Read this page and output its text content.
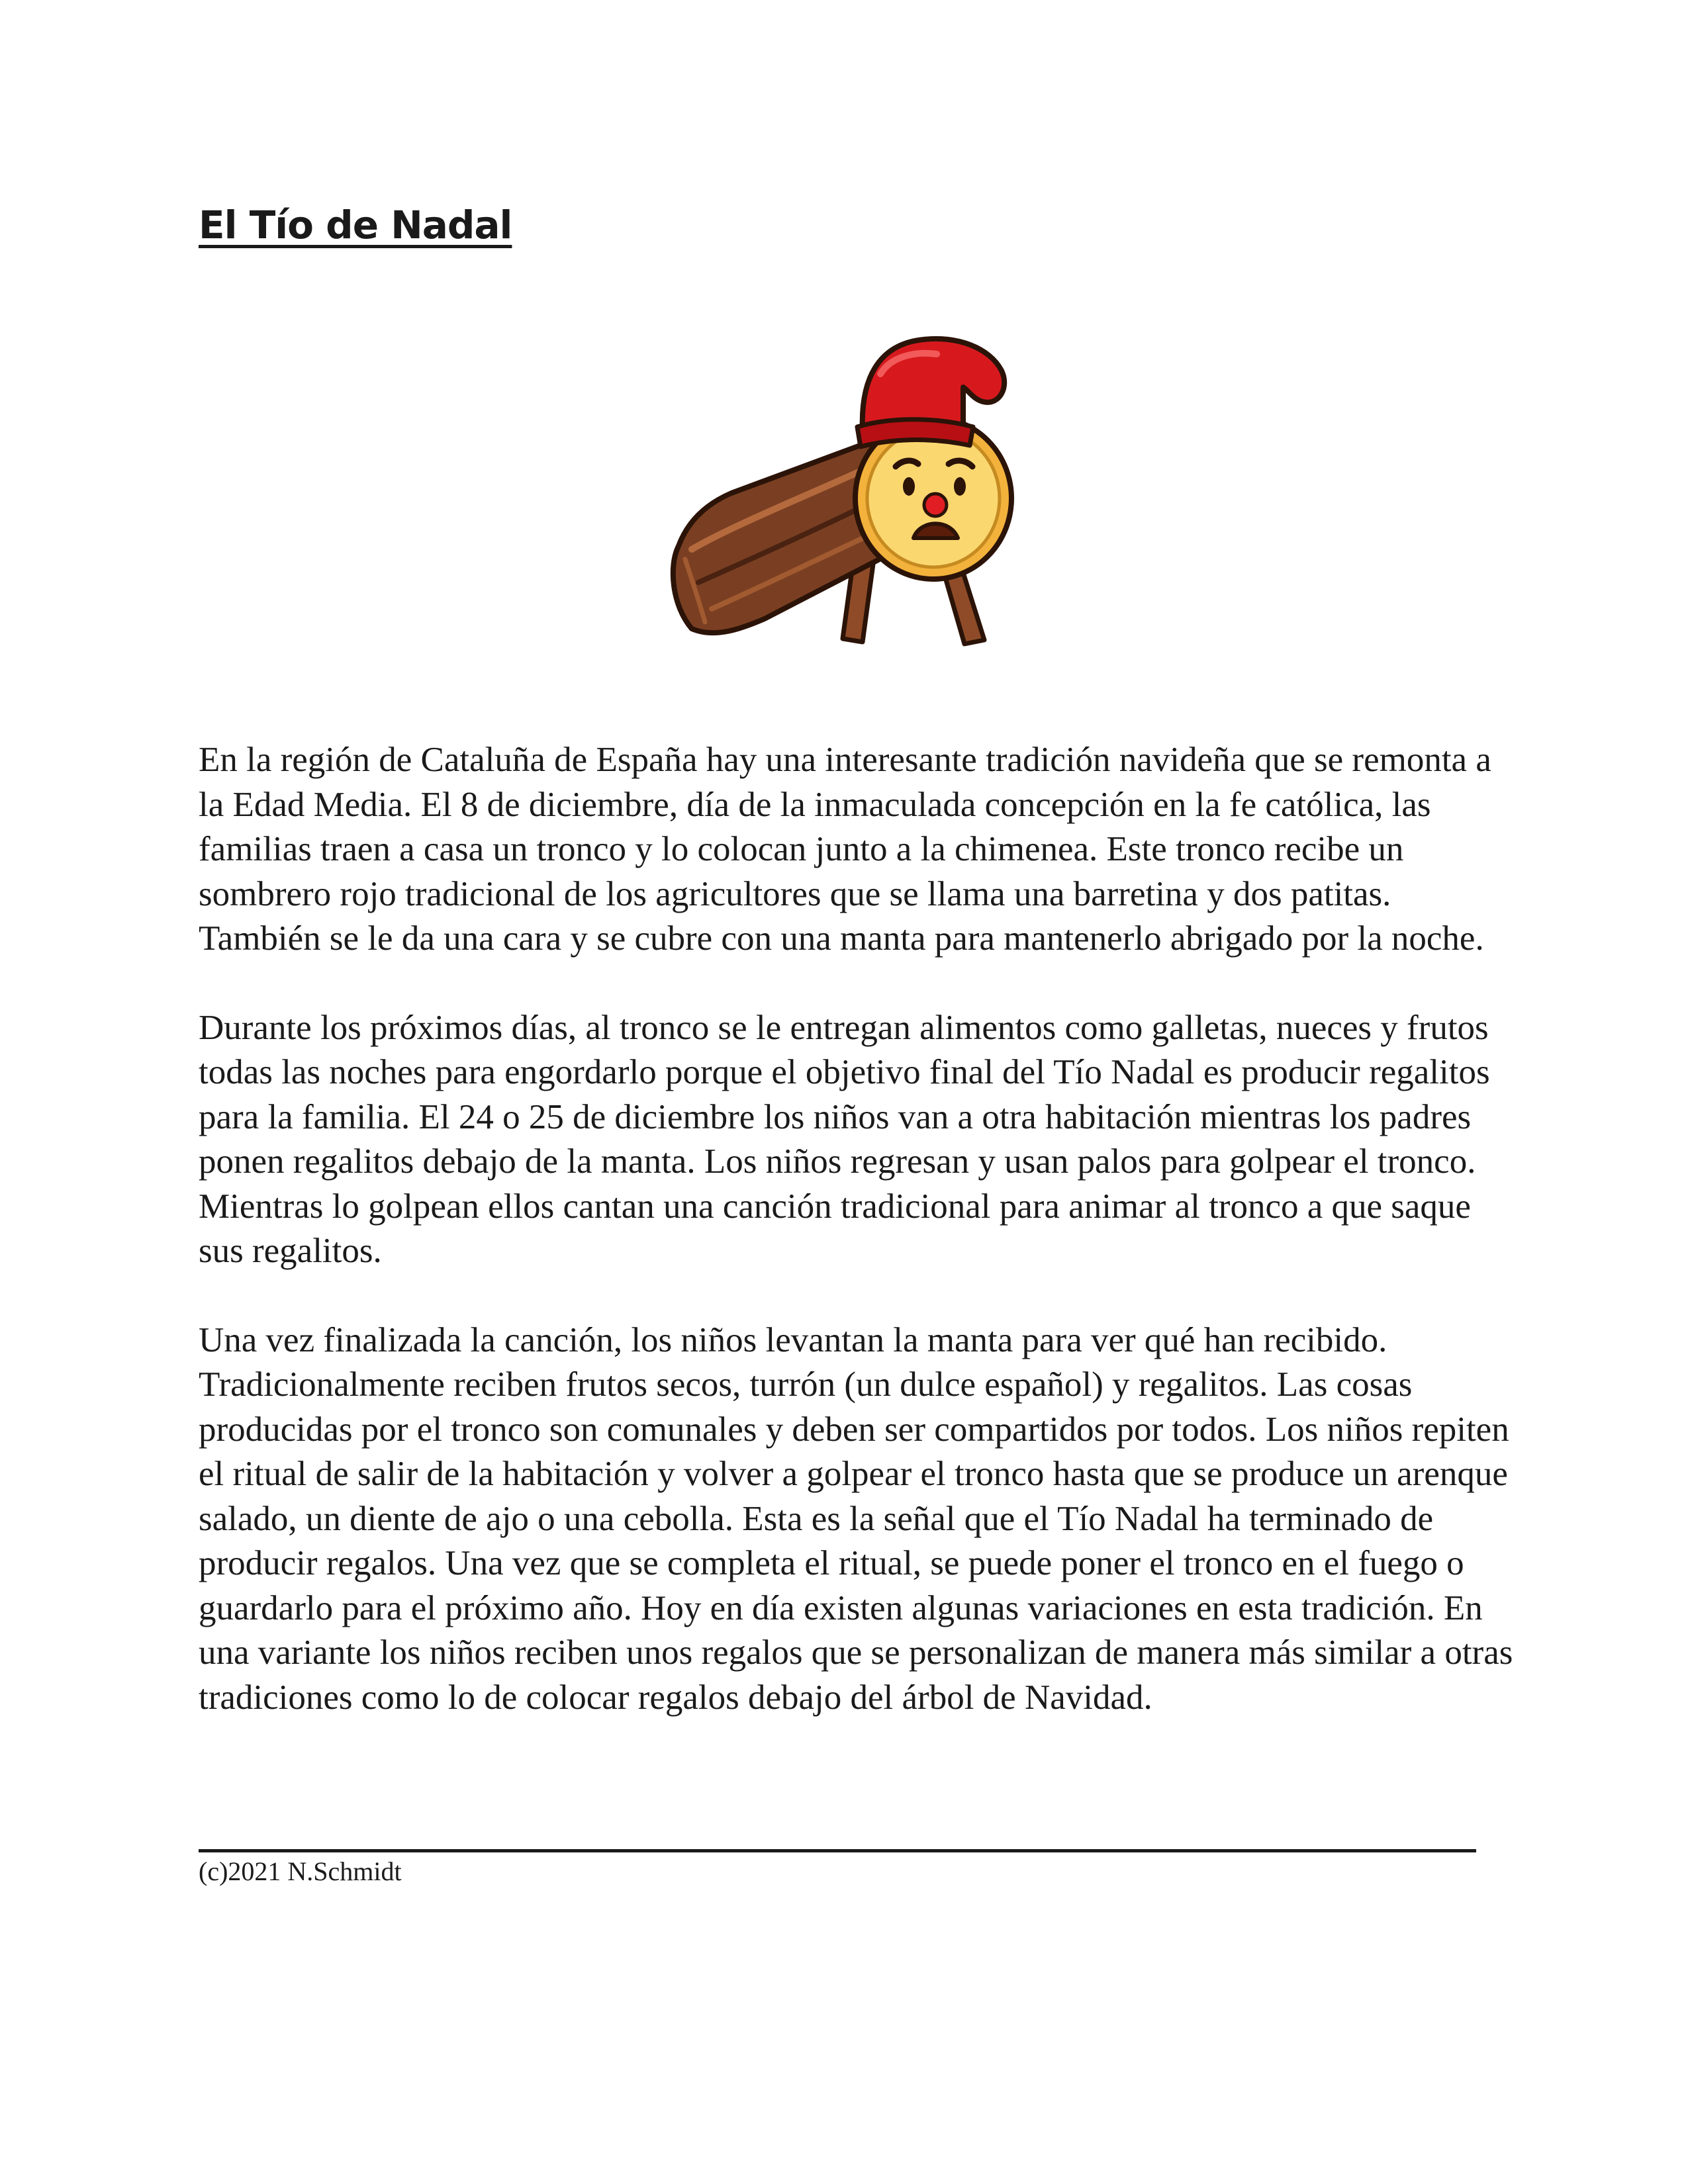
El Tío de Nadal

En la región de Cataluña de España hay una interesante tradición navideña que se remonta a la Edad Media. El 8 de diciembre, día de la inmaculada concepción en la fe católica, las familias traen a casa un tronco y lo colocan junto a la chimenea. Este tronco recibe un sombrero rojo tradicional de los agricultores que se llama una barretina y dos patitas. También se le da una cara y se cubre con una manta para mantenerlo abrigado por la noche.

Durante los próximos días, al tronco se le entregan alimentos como galletas, nueces y frutos todas las noches para engordarlo porque el objetivo final del Tío Nadal es producir regalitos para la familia. El 24 o 25 de diciembre los niños van a otra habitación mientras los padres ponen regalitos debajo de la manta. Los niños regresan y usan palos para golpear el tronco. Mientras lo golpean ellos cantan una canción tradicional para animar al tronco a que saque sus regalitos.

Una vez finalizada la canción, los niños levantan la manta para ver qué han recibido. Tradicionalmente reciben frutos secos, turrón (un dulce español) y regalitos. Las cosas producidas por el tronco son comunales y deben ser compartidos por todos. Los niños repiten el ritual de salir de la habitación y volver a golpear el tronco hasta que se produce un arenque salado, un diente de ajo o una cebolla. Esta es la señal que el Tío Nadal ha terminado de producir regalos. Una vez que se completa el ritual, se puede poner el tronco en el fuego o guardarlo para el próximo año. Hoy en día existen algunas variaciones en esta tradición. En una variante los niños reciben unos regalos que se personalizan de manera más similar a otras tradiciones como lo de colocar regalos debajo del árbol de Navidad.

(c)2021 N.Schmidt
